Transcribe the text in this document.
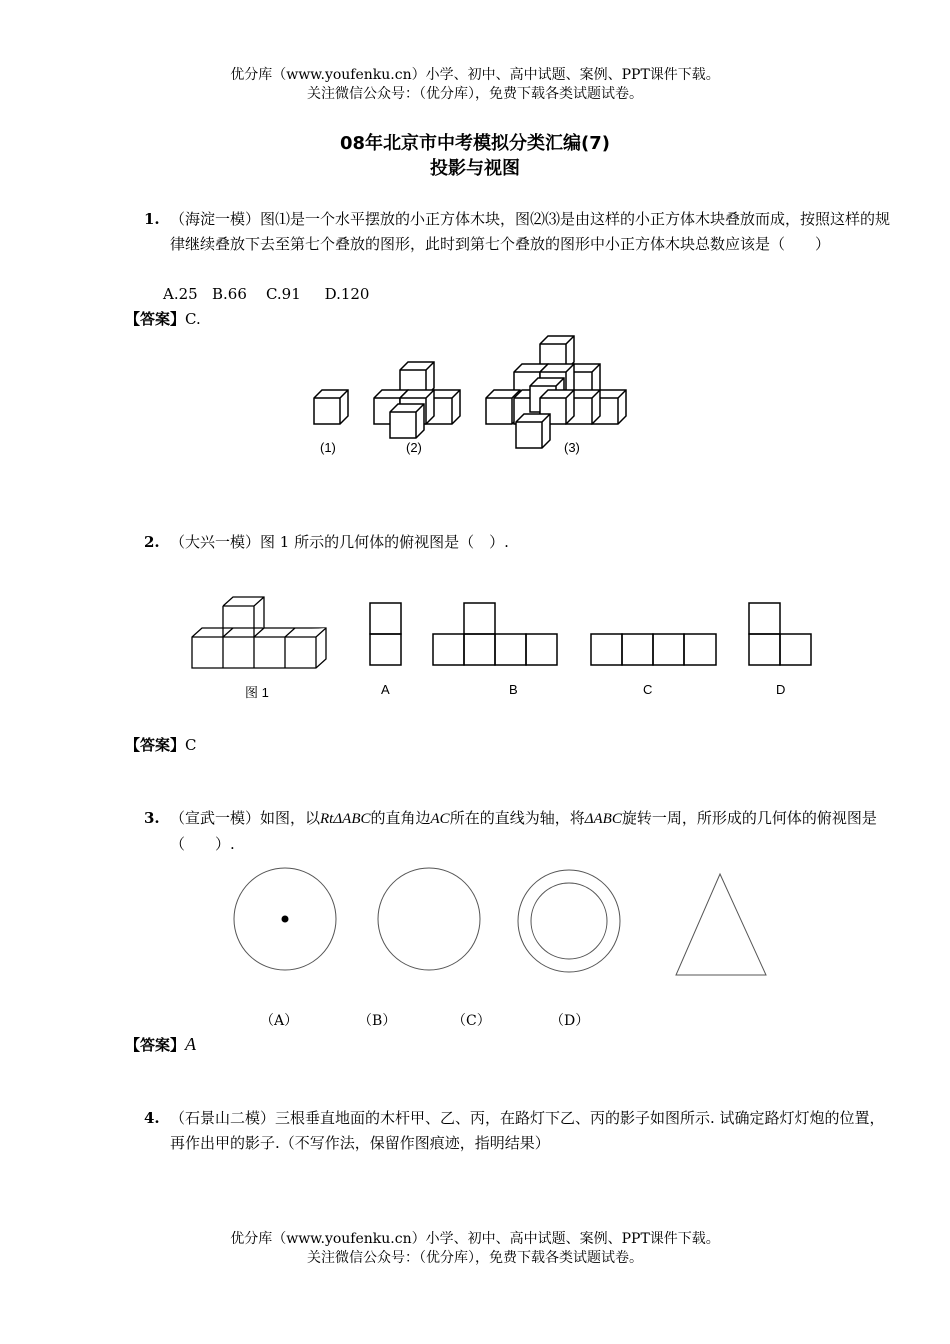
优分库（www.youfenku.cn）小学、初中、高中试题、案例、PPT课件下载。
关注微信公众号：（优分库），免费下载各类试题试卷。
08年北京市中考模拟分类汇编(7)
投影与视图
1. （海淀一模）图⑴是一个水平摆放的小正方体木块，图⑵⑶是由这样的小正方体木块叠放而成，按照这样的规律继续叠放下去至第七个叠放的图形，此时到第七个叠放的图形中小正方体木块总数应该是（　　）
A.25   B.66    C.91     D.120
【答案】C.
(1)	(2)	(3)
2. （大兴一模）图 1 所示的几何体的俯视图是（　）.
图 1	A	B	C	D
【答案】C
3. （宣武一模）如图，以RtΔABC的直角边AC所在的直线为轴，将ΔABC旋转一周，所形成的几何体的俯视图是（　　）.
（A）	（B）	（C）	（D）
【答案】A
4. （石景山二模）三根垂直地面的木杆甲、乙、丙，在路灯下乙、丙的影子如图所示. 试确定路灯灯炮的位置，再作出甲的影子.（不写作法，保留作图痕迹，指明结果）
优分库（www.youfenku.cn）小学、初中、高中试题、案例、PPT课件下载。
关注微信公众号：（优分库），免费下载各类试题试卷。
